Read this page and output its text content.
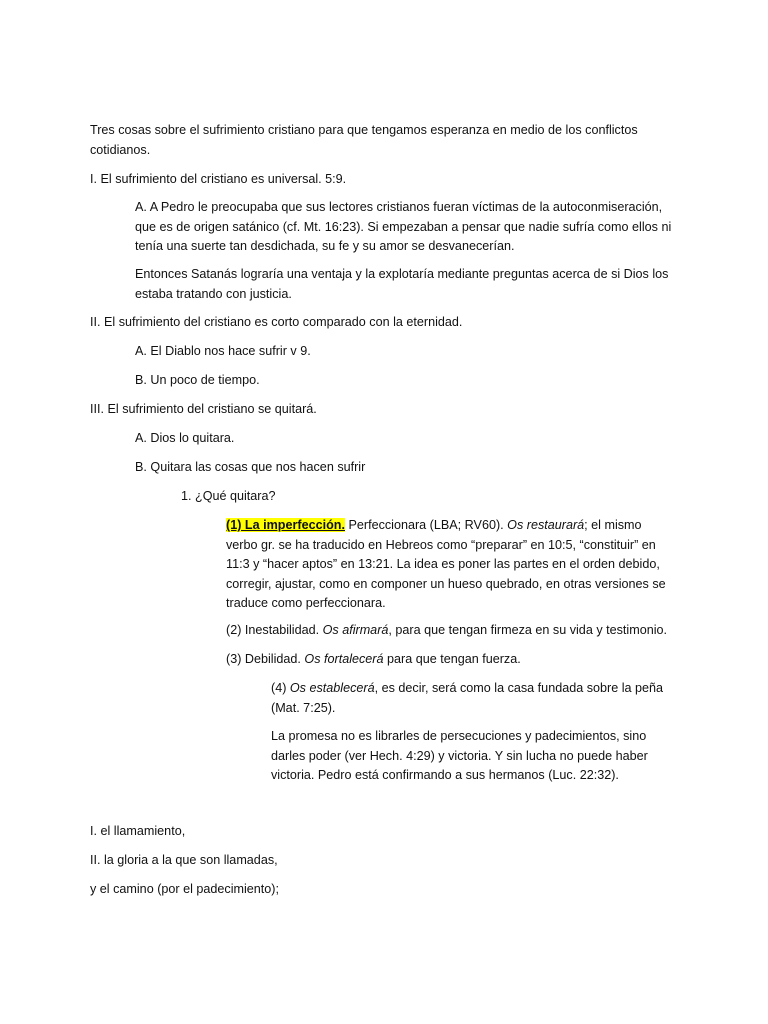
Tres cosas sobre el sufrimiento cristiano para que tengamos esperanza en medio de los conflictos cotidianos.

I. El sufrimiento del cristiano es universal. 5:9.

A. A Pedro le preocupaba que sus lectores cristianos fueran víctimas de la autoconmiseración, que es de origen satánico (cf. Mt. 16:23). Si empezaban a pensar que nadie sufría como ellos ni tenía una suerte tan desdichada, su fe y su amor se desvanecerían.

Entonces Satanás lograría una ventaja y la explotaría mediante preguntas acerca de si Dios los estaba tratando con justicia.

II. El sufrimiento del cristiano es corto comparado con la eternidad.

A. El Diablo nos hace sufrir v 9.

B. Un poco de tiempo.

III. El sufrimiento del cristiano se quitará.

A. Dios lo quitara.

B. Quitara las cosas que nos hacen sufrir

1. ¿Qué quitara?

(1) La imperfección. Perfeccionara (LBA; RV60). Os restaurará; el mismo verbo gr. se ha traducido en Hebreos como “preparar” en 10:5, “constituir” en 11:3 y “hacer aptos” en 13:21. La idea es poner las partes en el orden debido, corregir, ajustar, como en componer un hueso quebrado, en otras versiones se traduce como perfeccionara.

(2) Inestabilidad. Os afirmará, para que tengan firmeza en su vida y testimonio.

(3) Debilidad. Os fortalecerá para que tengan fuerza.

(4) Os establecerá, es decir, será como la casa fundada sobre la peña (Mat. 7:25).

La promesa no es librarles de persecuciones y padecimientos, sino darles poder (ver Hech. 4:29) y victoria. Y sin lucha no puede haber victoria. Pedro está confirmando a sus hermanos (Luc. 22:32).

I. el llamamiento,

II. la gloria a la que son llamadas,

y el camino (por el padecimiento);
